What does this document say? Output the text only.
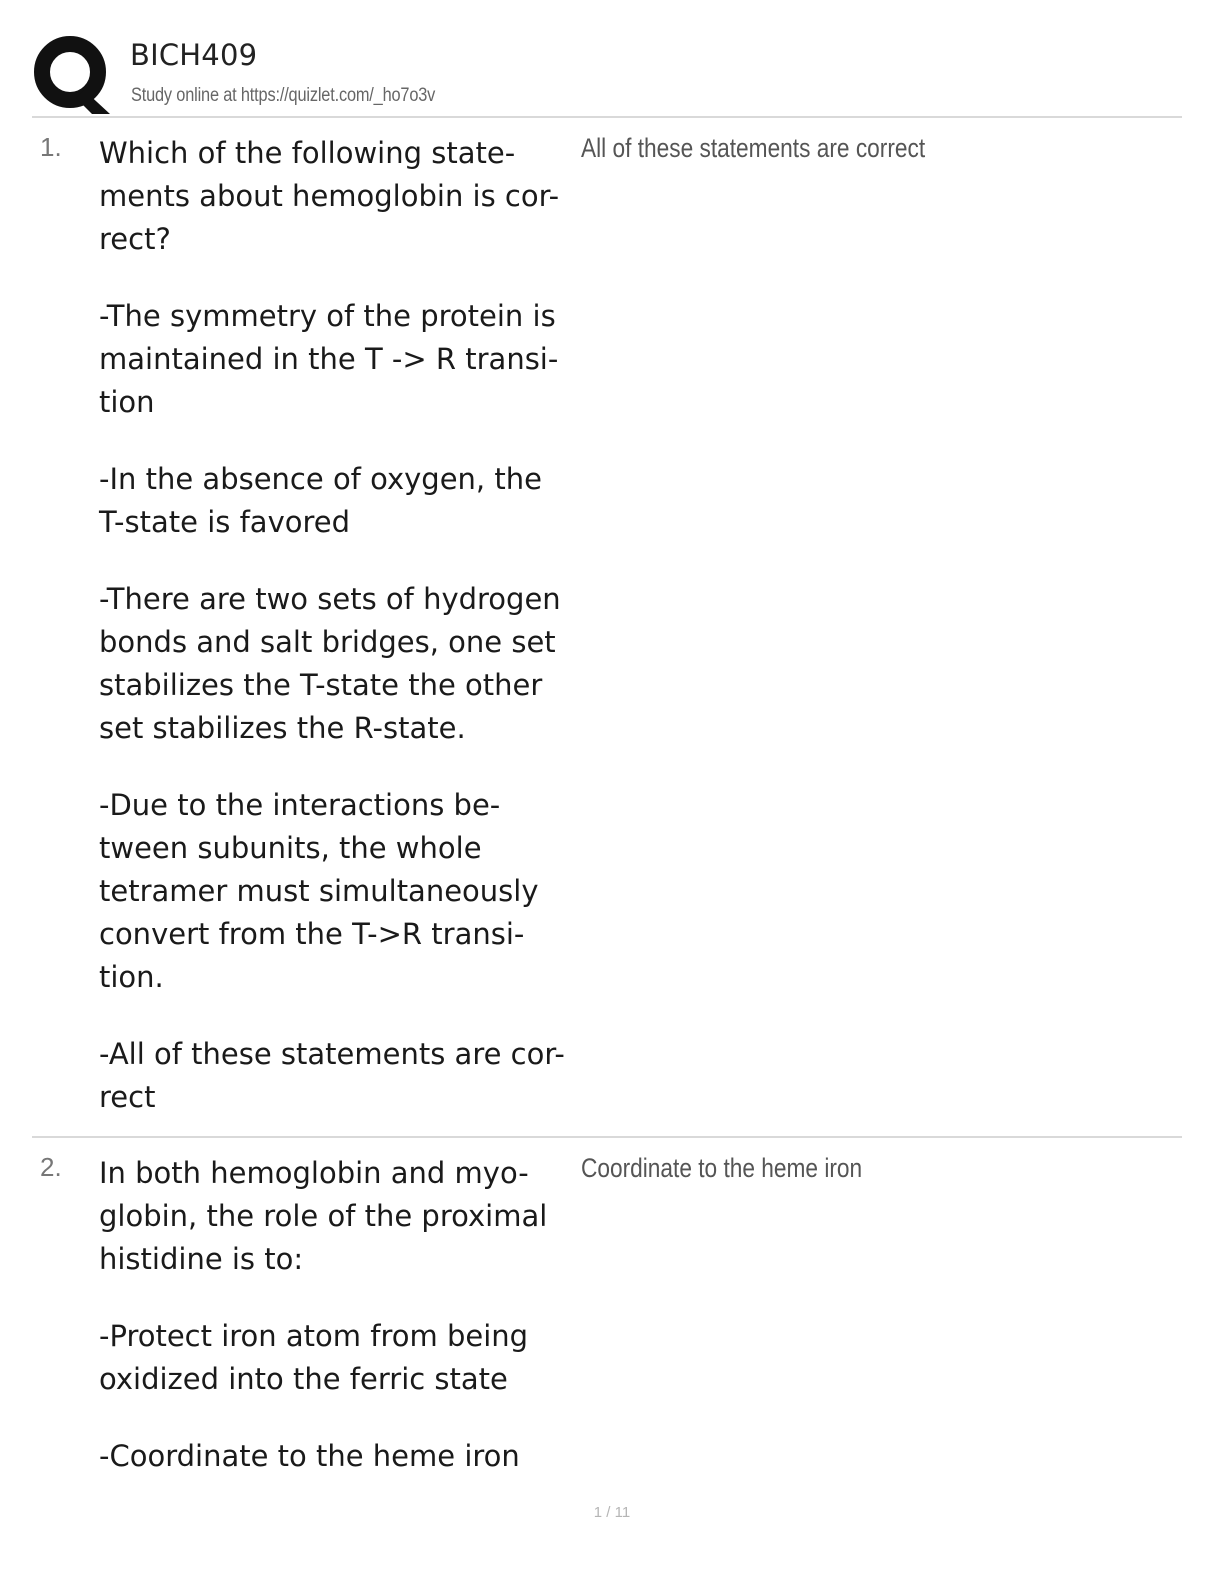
BICH409
Study online at https://quizlet.com/_ho7o3v
1. Which of the following state-
ments about hemoglobin is cor-
rect?

-The symmetry of the protein is
maintained in the T -> R transi-
tion

-In the absence of oxygen, the
T-state is favored

-There are two sets of hydrogen
bonds and salt bridges, one set
stabilizes the T-state the other
set stabilizes the R-state.

-Due to the interactions be-
tween subunits, the whole
tetramer must simultaneously
convert from the T->R transi-
tion.

-All of these statements are cor-
rect

All of these statements are correct
2. In both hemoglobin and myo-
globin, the role of the proximal
histidine is to:

-Protect iron atom from being
oxidized into the ferric state

-Coordinate to the heme iron

Coordinate to the heme iron
1 / 11
